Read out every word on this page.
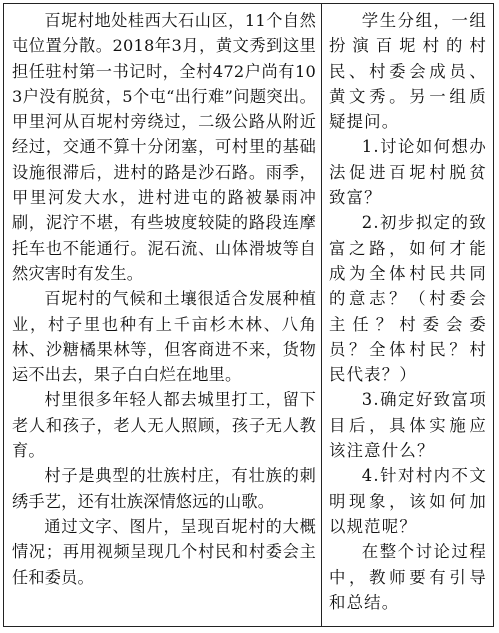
百坭村地处桂西大石山区，11个自然屯位置分散。2018年3月，黄文秀到这里担任驻村第一书记时，全村472户尚有103户没有脱贫，5个屯“出行难”问题突出。甲里河从百坭村旁绕过，二级公路从附近经过，交通不算十分闭塞，可村里的基础设施很滞后，进村的路是沙石路。雨季，甲里河发大水，进村进屯的路被暴雨冲刷，泥泞不堪，有些坡度较陡的路段连摩托车也不能通行。泥石流、山体滑坡等自然灾害时有发生。

百坭村的气候和土壤很适合发展种植业，村子里也种有上千亩杉木林、八角林、沙糖橘果林等，但客商进不来，货物运不出去，果子白白烂在地里。

村里很多年轻人都去城里打工，留下老人和孩子，老人无人照顾，孩子无人教育。

村子是典型的壮族村庄，有壮族的刺绣手艺，还有壮族深情悠远的山歌。

通过文字、图片，呈现百坭村的大概情况；再用视频呈现几个村民和村委会主任和委员。

学生分组，一组扮演百坭村的村民、村委会成员、黄文秀。另一组质疑提问。

1.讨论如何想办法促进百坭村脱贫致富？

2.初步拟定的致富之路，如何才能成为全体村民共同的意志？（村委会主任？村委会委员？全体村民？村民代表？）

3.确定好致富项目后，具体实施应该注意什么？

4.针对村内不文明现象，该如何加以规范呢？

在整个讨论过程中，教师要有引导和总结。
